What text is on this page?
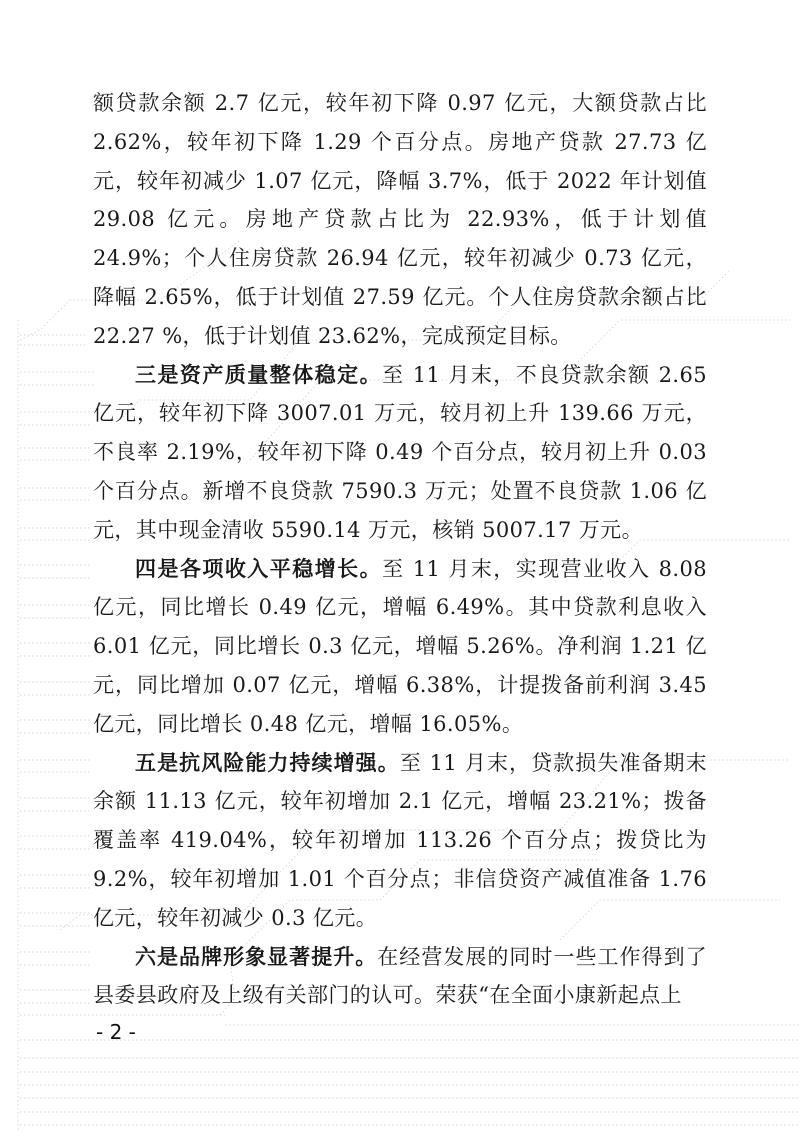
额贷款余额 2.7 亿元，较年初下降 0.97 亿元，大额贷款占比 2.62%，较年初下降 1.29 个百分点。房地产贷款 27.73 亿元，较年初减少 1.07 亿元，降幅 3.7%，低于 2022 年计划值 29.08 亿元。房地产贷款占比为 22.93%，低于计划值 24.9%；个人住房贷款 26.94 亿元，较年初减少 0.73 亿元，降幅 2.65%，低于计划值 27.59 亿元。个人住房贷款余额占比 22.27 %，低于计划值 23.62%，完成预定目标。

三是资产质量整体稳定。至 11 月末，不良贷款余额 2.65 亿元，较年初下降 3007.01 万元，较月初上升 139.66 万元，不良率 2.19%，较年初下降 0.49 个百分点，较月初上升 0.03 个百分点。新增不良贷款 7590.3 万元；处置不良贷款 1.06 亿元，其中现金清收 5590.14 万元，核销 5007.17 万元。

四是各项收入平稳增长。至 11 月末，实现营业收入 8.08 亿元，同比增长 0.49 亿元，增幅 6.49%。其中贷款利息收入 6.01 亿元，同比增长 0.3 亿元，增幅 5.26%。净利润 1.21 亿元，同比增加 0.07 亿元，增幅 6.38%，计提拨备前利润 3.45 亿元，同比增长 0.48 亿元，增幅 16.05%。

五是抗风险能力持续增强。至 11 月末，贷款损失准备期末余额 11.13 亿元，较年初增加 2.1 亿元，增幅 23.21%；拨备覆盖率 419.04%，较年初增加 113.26 个百分点；拨贷比为 9.2%，较年初增加 1.01 个百分点；非信贷资产减值准备 1.76 亿元，较年初减少 0.3 亿元。

六是品牌形象显著提升。在经营发展的同时一些工作得到了县委县政府及上级有关部门的认可。荣获“在全面小康新起点上

- 2 -
